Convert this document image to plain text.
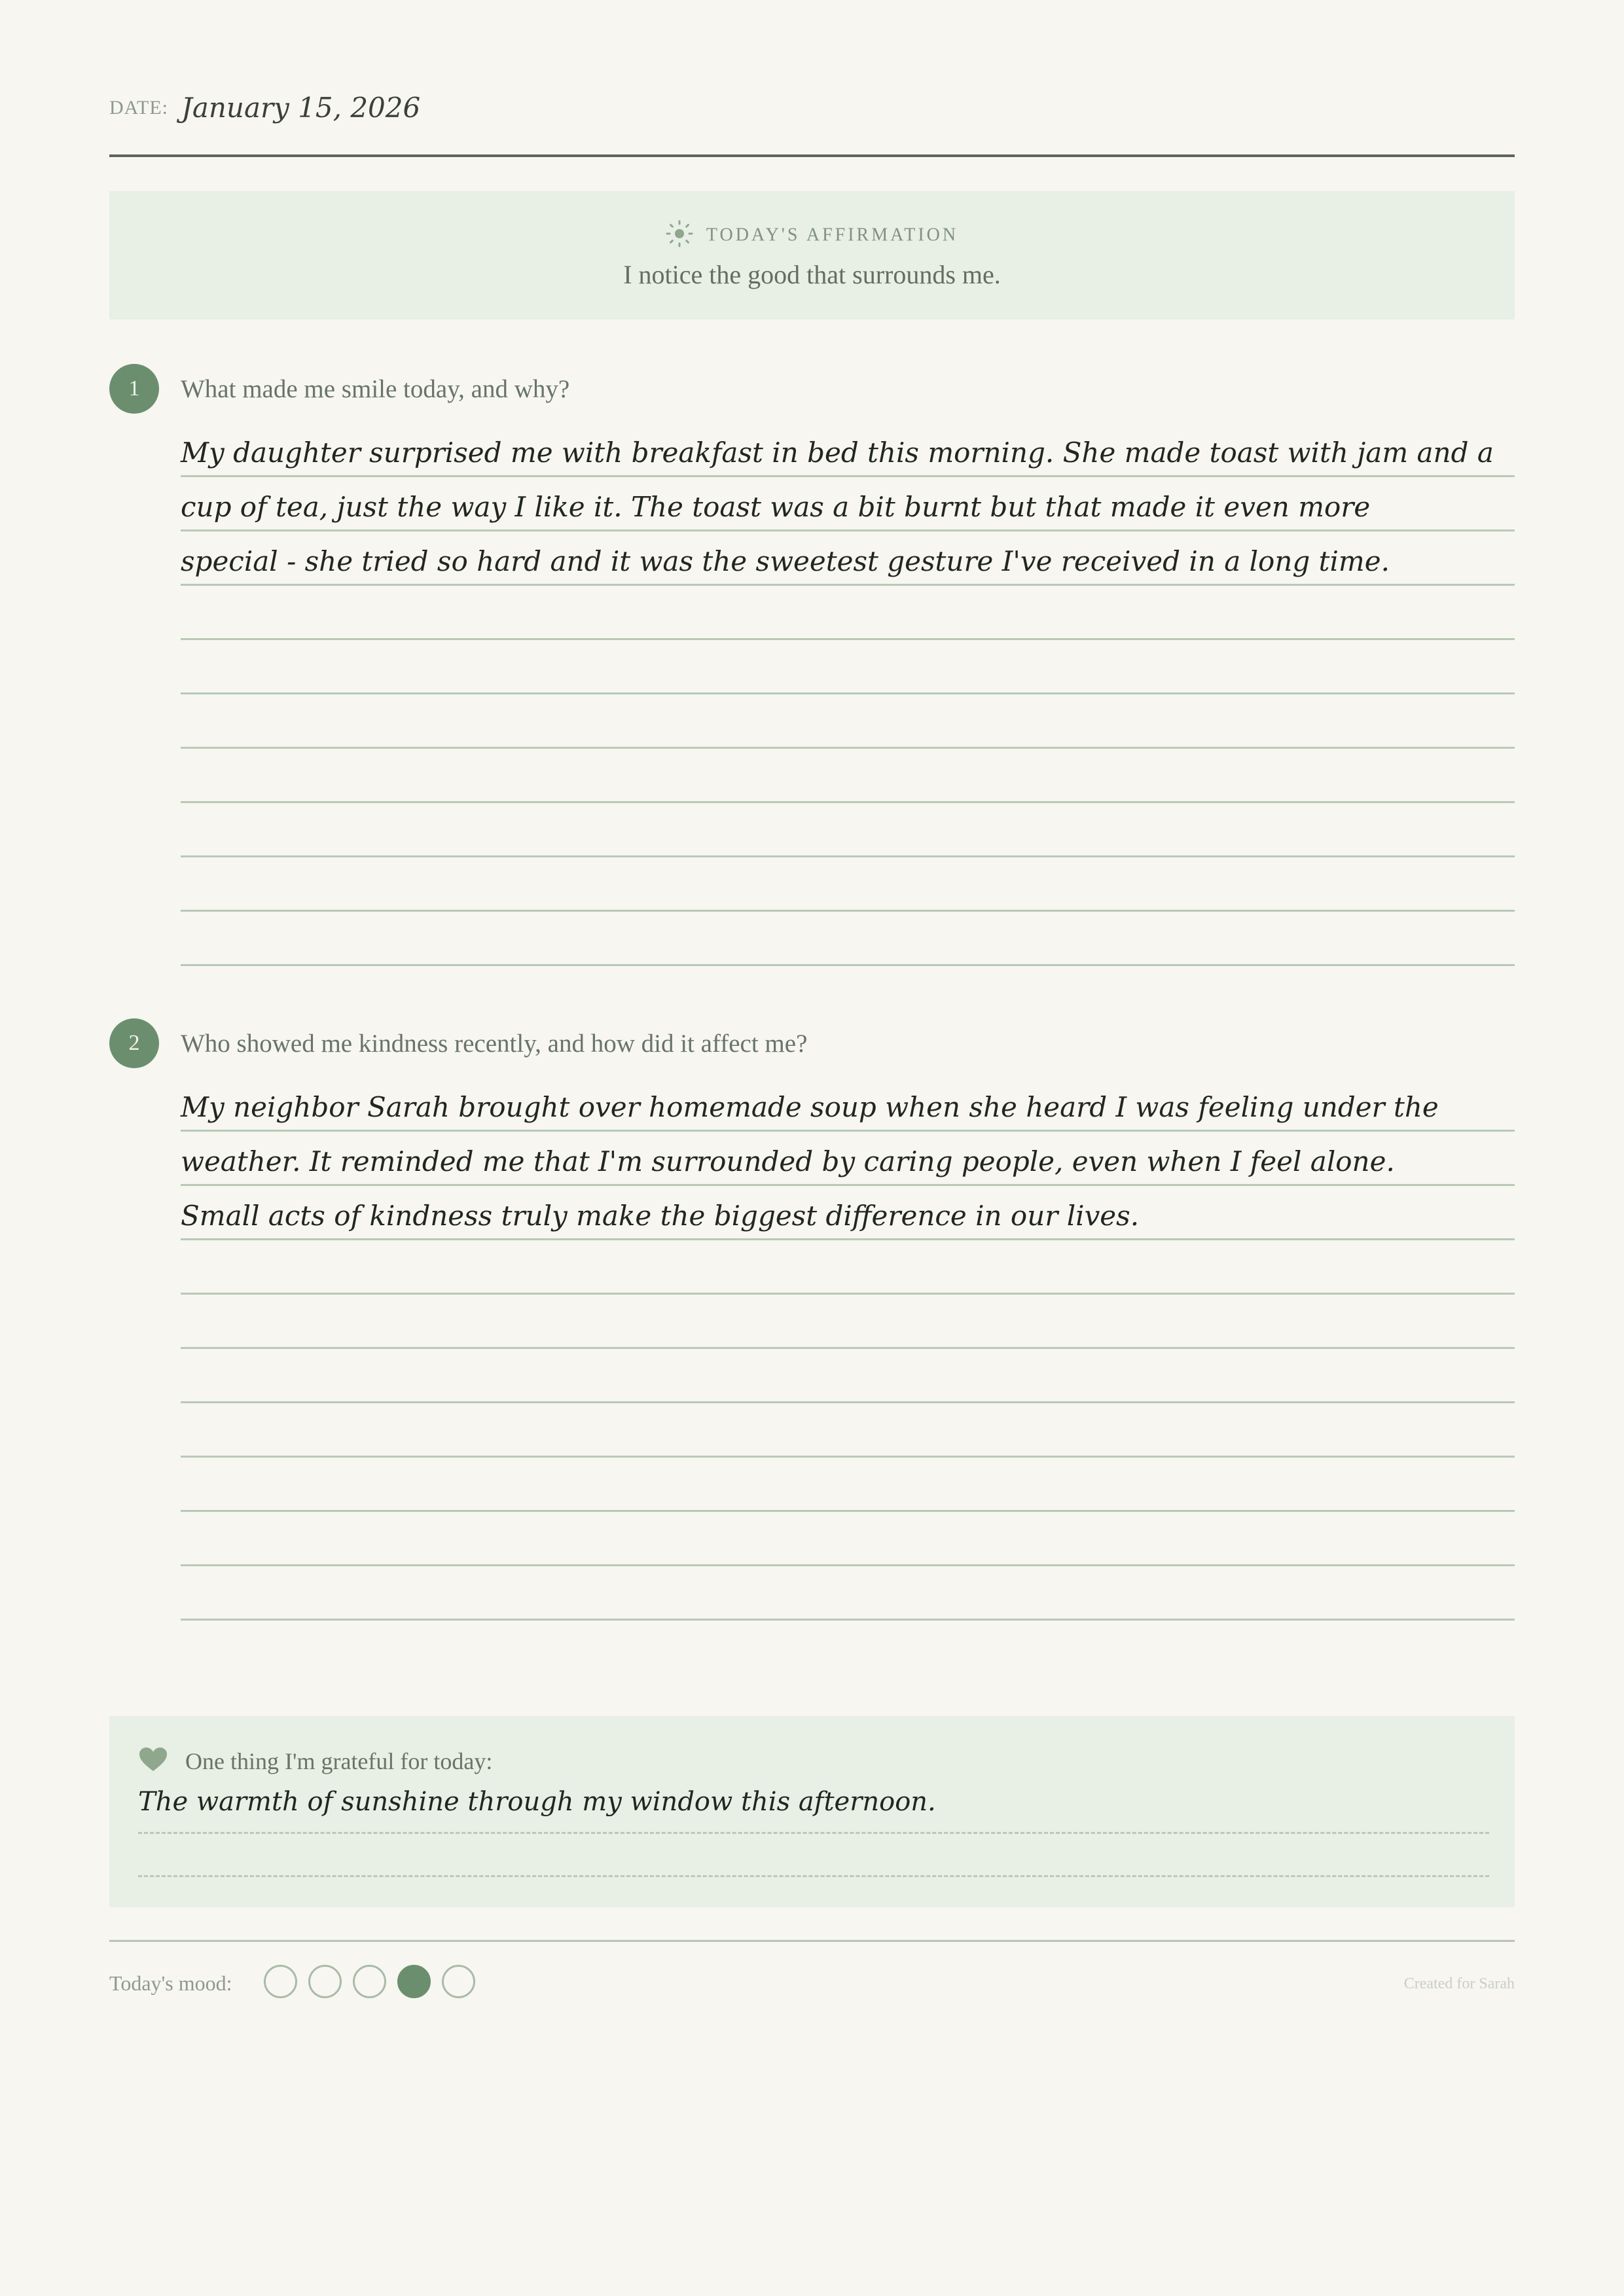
DATE: January 15, 2026
TODAY'S AFFIRMATION
I notice the good that surrounds me.
1	What made me smile today, and why?
My daughter surprised me with breakfast in bed this morning. She made toast with jam and a
cup of tea, just the way I like it. The toast was a bit burnt but that made it even more
special - she tried so hard and it was the sweetest gesture I've received in a long time.
2	Who showed me kindness recently, and how did it affect me?
My neighbor Sarah brought over homemade soup when she heard I was feeling under the
weather. It reminded me that I'm surrounded by caring people, even when I feel alone.
Small acts of kindness truly make the biggest difference in our lives.
One thing I'm grateful for today:
The warmth of sunshine through my window this afternoon.
Today's mood:	Created for Sarah
